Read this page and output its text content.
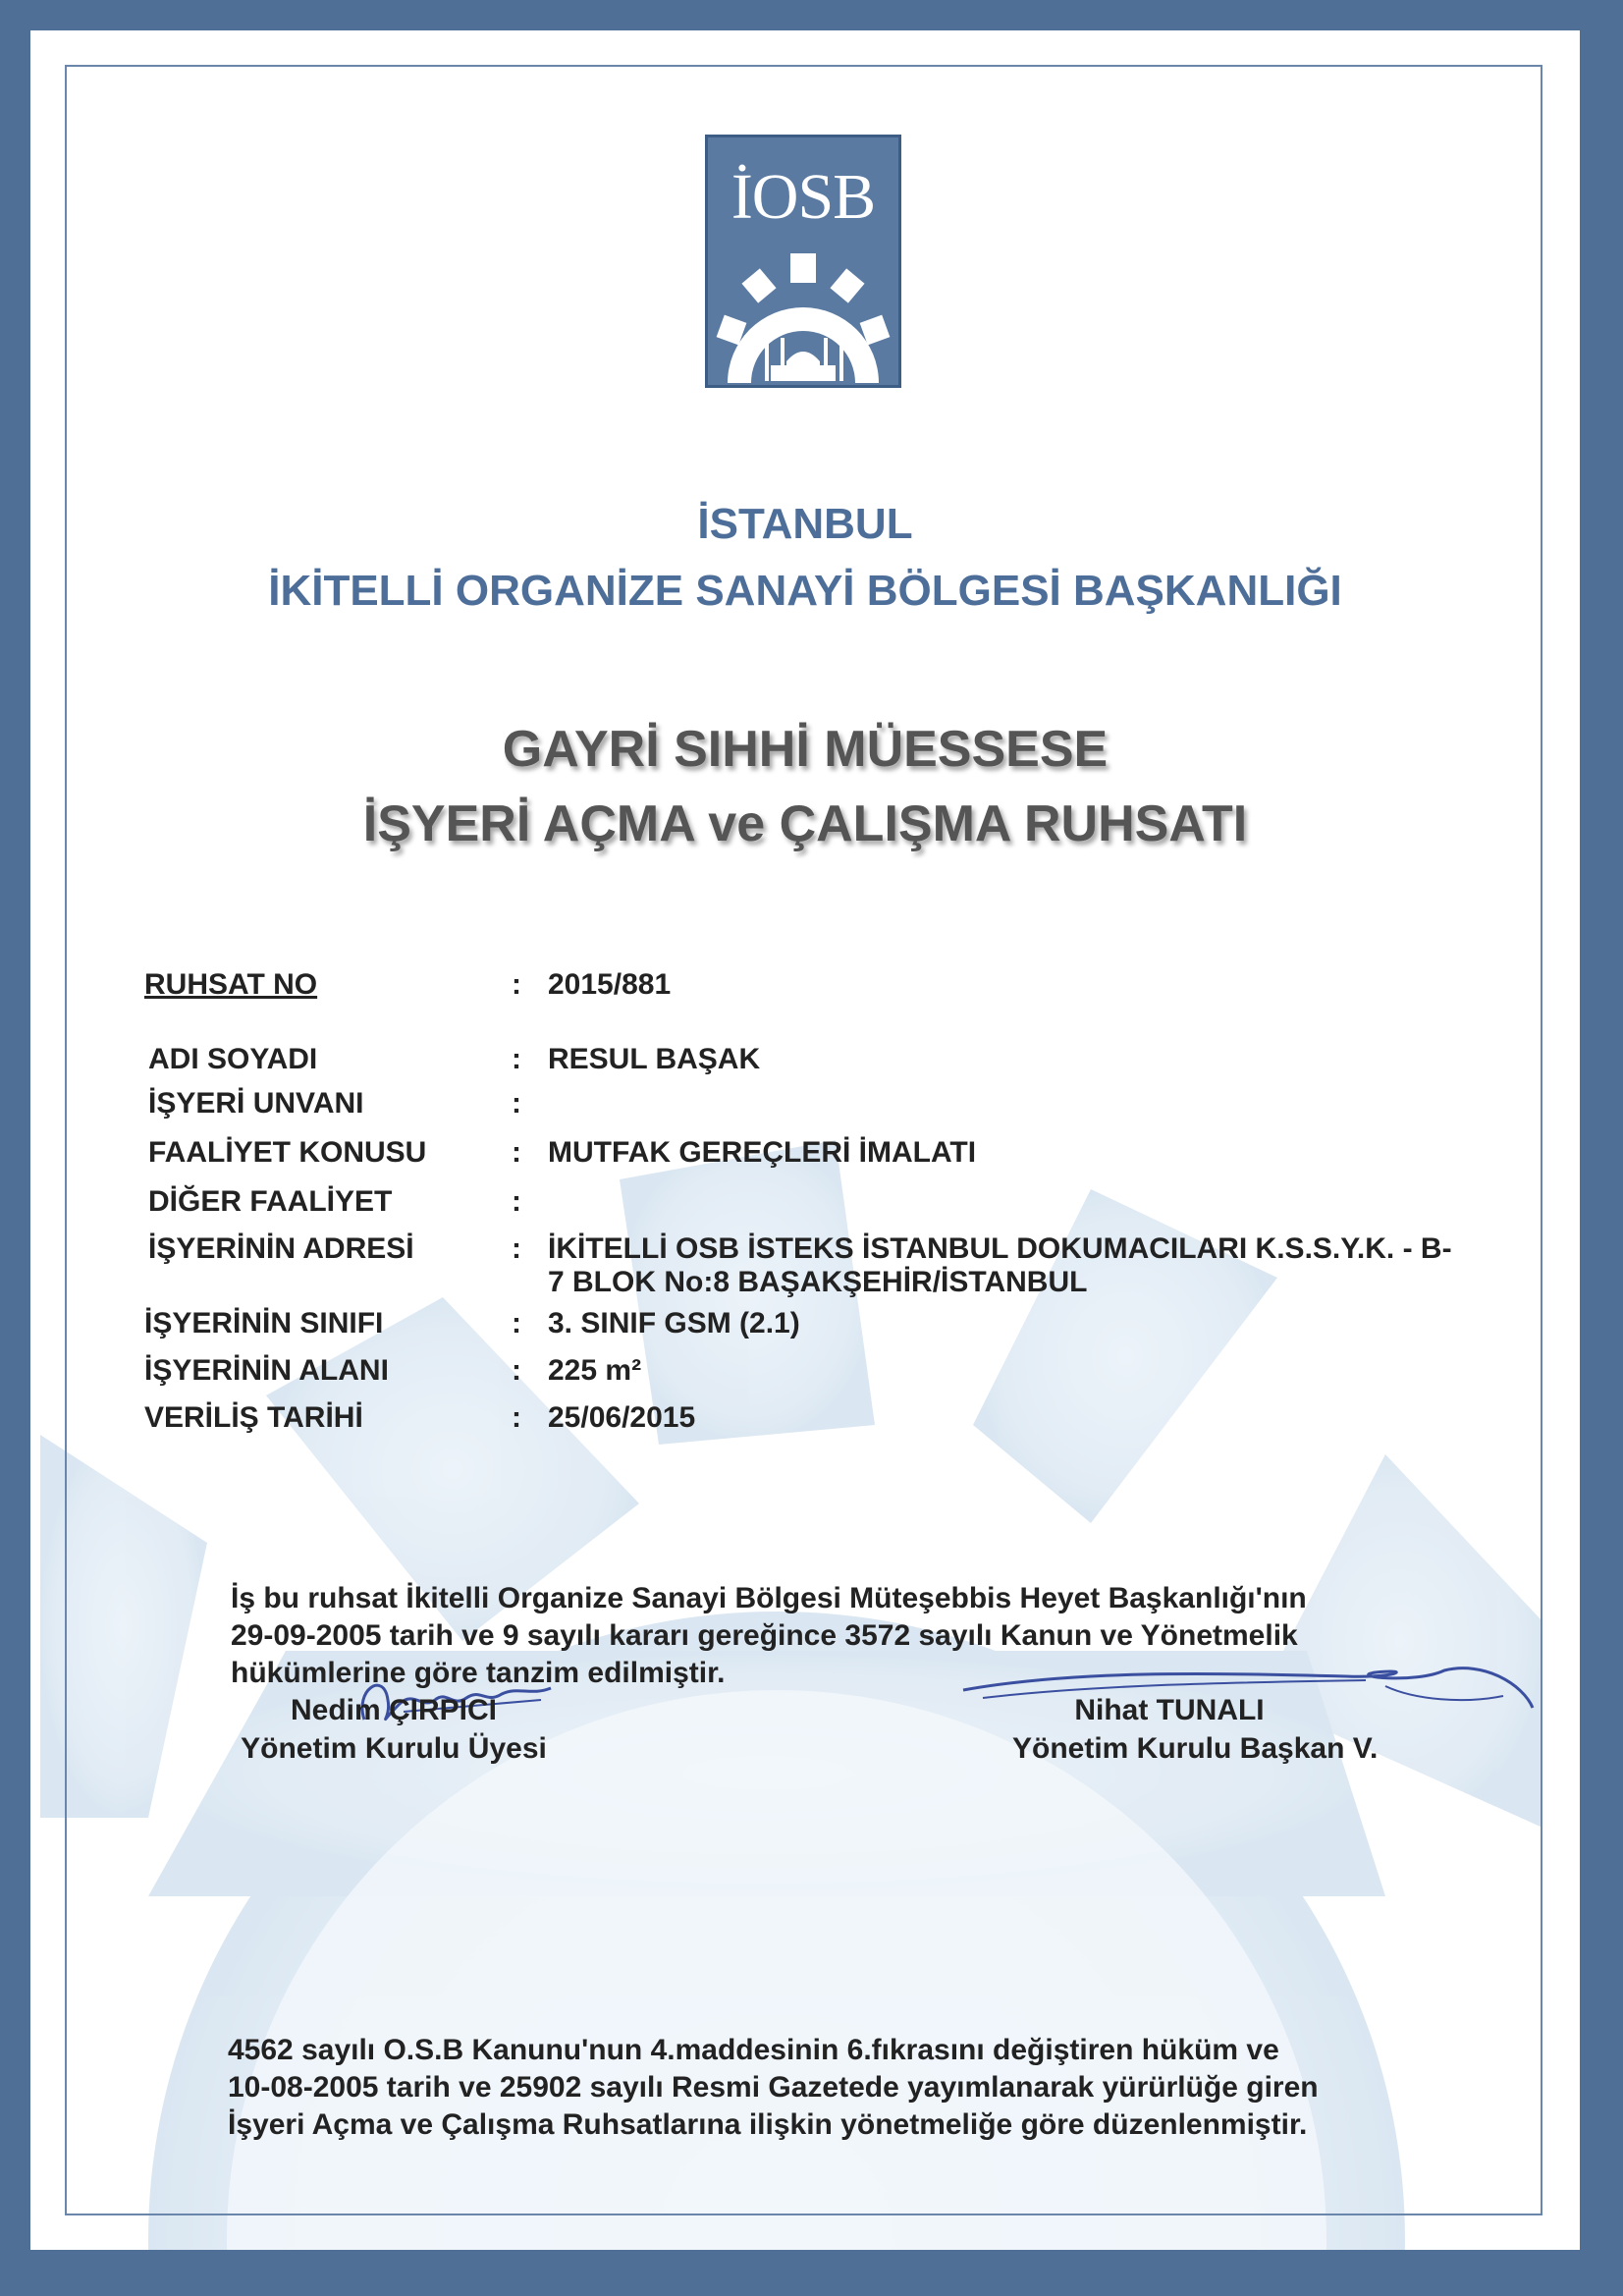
İOSB
İSTANBUL
İKİTELLİ ORGANİZE SANAYİ BÖLGESİ BAŞKANLIĞI
GAYRİ SIHHİ MÜESSESE
İŞYERİ AÇMA ve ÇALIŞMA RUHSATI
RUHSAT NO	: 2015/881
ADI SOYADI	: RESUL BAŞAK
İŞYERİ UNVANI	:
FAALİYET KONUSU	: MUTFAK GEREÇLERİ İMALATI
DİĞER FAALİYET	:
İŞYERİNİN ADRESİ	: İKİTELLİ OSB İSTEKS İSTANBUL DOKUMACILARI K.S.S.Y.K. - B-
7 BLOK No:8 BAŞAKŞEHİR/İSTANBUL
İŞYERİNİN SINIFI	: 3. SINIF GSM (2.1)
İŞYERİNİN ALANI	: 225 m²
VERİLİŞ TARİHİ	: 25/06/2015
İş bu ruhsat İkitelli Organize Sanayi Bölgesi Müteşebbis Heyet Başkanlığı'nın
29-09-2005 tarih ve 9 sayılı kararı gereğince 3572 sayılı Kanun ve Yönetmelik
hükümlerine göre tanzim edilmiştir.
Nedim ÇIRPICI
Yönetim Kurulu Üyesi
Nihat TUNALI
Yönetim Kurulu Başkan V.
4562 sayılı O.S.B Kanunu'nun 4.maddesinin 6.fıkrasını değiştiren hüküm ve
10-08-2005 tarih ve 25902 sayılı Resmi Gazetede yayımlanarak yürürlüğe giren
İşyeri Açma ve Çalışma Ruhsatlarına ilişkin yönetmeliğe göre düzenlenmiştir.
